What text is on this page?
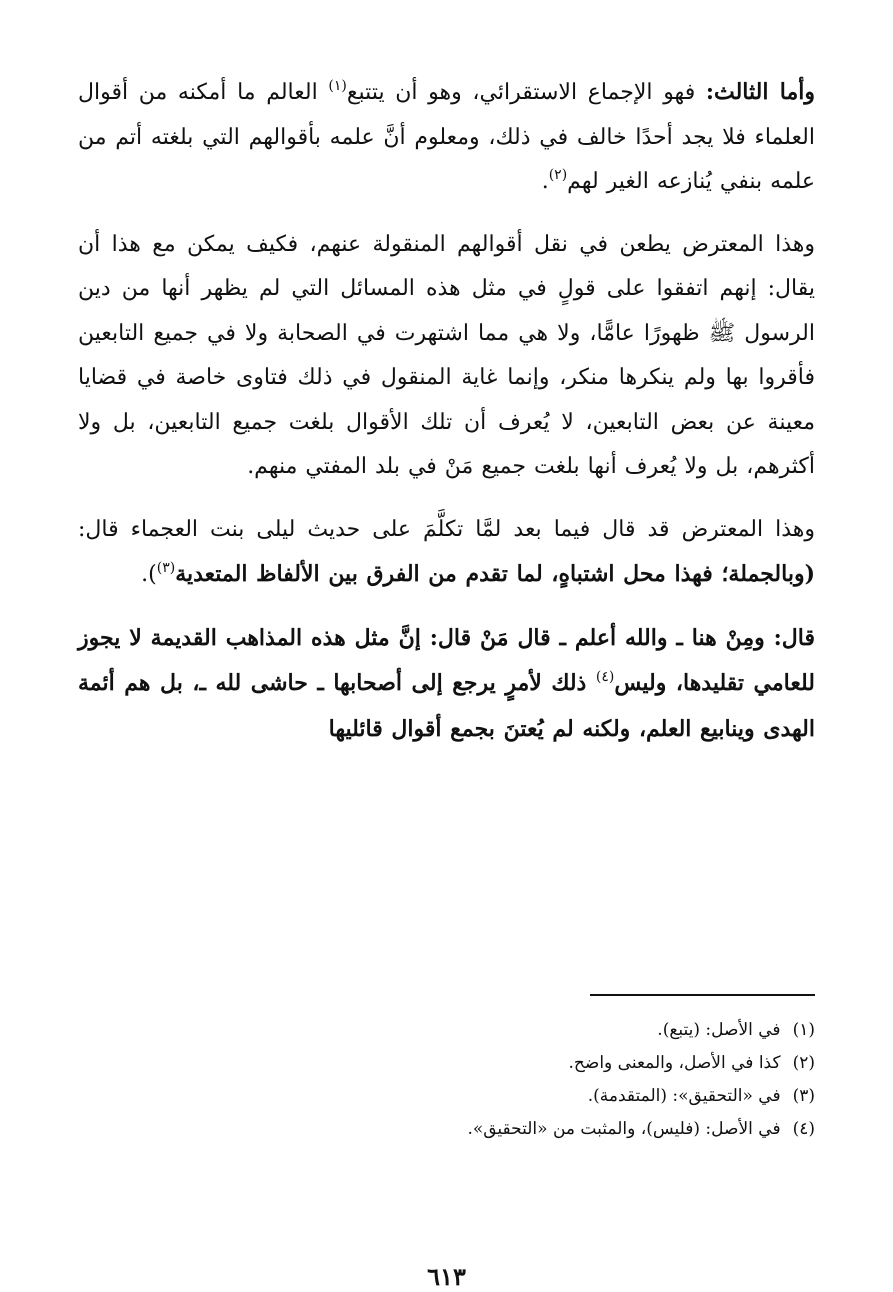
وأما الثالث: فهو الإجماع الاستقرائي، وهو أن يتتبع$^{(١)}$ العالم ما أمكنه من أقوال العلماء فلا يجد أحدًا خالف في ذلك، ومعلوم أنَّ علمه بأقوالهم التي بلغته أتم من علمه بنفي يُنازعه الغير لهم$^{(٢)}$.

وهذا المعترض يطعن في نقل أقوالهم المنقولة عنهم، فكيف يمكن مع هذا أن يقال: إنهم اتفقوا على قولٍ في مثل هذه المسائل التي لم يظهر أنها من دين الرسول ﷺ ظهورًا عامًّا، ولا هي مما اشتهرت في الصحابة ولا في جميع التابعين فأقروا بها ولم ينكرها منكر، وإنما غاية المنقول في ذلك فتاوى خاصة في قضايا معينة عن بعض التابعين، لا يُعرف أن تلك الأقوال بلغت جميع التابعين، بل ولا أكثرهم، بل ولا يُعرف أنها بلغت جميع مَنْ في بلد المفتي منهم.

وهذا المعترض قد قال فيما بعد لمَّا تكلَّمَ على حديث ليلى بنت العجماء قال: (وبالجملة؛ فهذا محل اشتباهٍ، لما تقدم من الفرق بين الألفاظ المتعدية$^{(٣)}$).

قال: ومِنْ هنا ـ والله أعلم ـ قال مَنْ قال: إنَّ مثل هذه المذاهب القديمة لا يجوز للعامي تقليدها، وليس$^{(٤)}$ ذلك لأمرٍ يرجع إلى أصحابها ـ حاشى لله ـ، بل هم أئمة الهدى وينابيع العلم، ولكنه لم يُعتنَ بجمع أقوال قائليها

(١)في الأصل: (يتبع).
(٢)كذا في الأصل، والمعنى واضح.
(٣)في «التحقيق»: (المتقدمة).
(٤)في الأصل: (فليس)، والمثبت من «التحقيق».
٦١٣
